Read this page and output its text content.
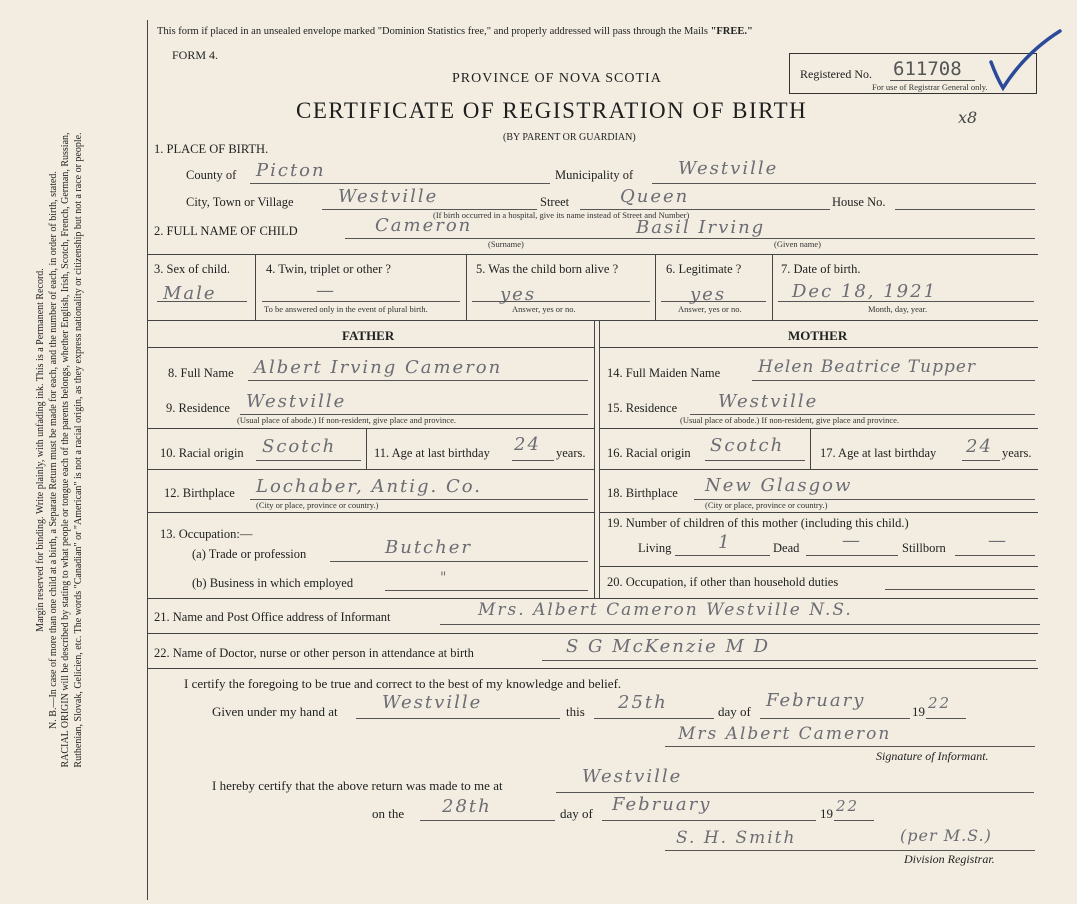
Margin reserved for binding. Write plainly, with unfading ink. This is a Permanent Record. N. B.—In case of more than one child at a birth, a Separate Return must be made for each, and the number of each, in order of birth, stated. RACIAL ORIGIN will be described by stating to what people or tongue each of the parents belongs, whether English, Irish, Scotch, French, German, Russian, Ruthenian, Slovak, Gelicien, etc. The words "Canadian" or "American" is not a racial origin, as they express nationality or citizenship but not a race or people.
This form if placed in an unsealed envelope marked "Dominion Statistics free," and properly addressed will pass through the Mails "FREE."
FORM 4.
PROVINCE OF NOVA SCOTIA
CERTIFICATE OF REGISTRATION OF BIRTH
(BY PARENT OR GUARDIAN)
Registered No. 611708
For use of Registrar General only.
x8
1. PLACE OF BIRTH.
County of Picton	Municipality of Westville
City, Town or Village Westville	Street	Queen	House No.
(If birth occurred in a hospital, give its name instead of Street and Number)
2. FULL NAME OF CHILD	Cameron	Basil Irving
(Surname)	(Given name)
3. Sex of child.
Male
4. Twin, triplet or other ?
—
To be answered only in the event of plural birth.
5. Was the child born alive ?
yes
Answer, yes or no.
6. Legitimate ?
yes
Answer, yes or no.
7. Date of birth.
Dec 18, 1921
Month, day, year.
FATHER	MOTHER
8. Full Name Albert Irving Cameron
9. Residence Westville
(Usual place of abode.) If non-resident, give place and province.
10. Racial origin Scotch	11. Age at last birthday 24 years.
12. Birthplace Lochaber, Antig. Co.
(City or place, province or country.)
13. Occupation:—
(a) Trade or profession	Butcher
(b) Business in which employed	"
14. Full Maiden Name Helen Beatrice Tupper
15. Residence Westville
(Usual place of abode.) If non-resident, give place and province.
16. Racial origin Scotch	17. Age at last birthday 24 years.
18. Birthplace New Glasgow
(City or place, province or country.)
19. Number of children of this mother (including this child.)
Living	1	Dead —	Stillborn —
20. Occupation, if other than household duties
21. Name and Post Office address of Informant	Mrs. Albert Cameron Westville N.S.
22. Name of Doctor, nurse or other person in attendance at birth	S G McKenzie M D
I certify the foregoing to be true and correct to the best of my knowledge and belief.
Given under my hand at Westville	this 25th	day of
February
19 22
Mrs Albert Cameron
Signature of Informant.
I hereby certify that the above return was made to me at	Westville
on the 28th	day of February	19 22
S. H. Smith	(per M.S.)
Division Registrar.
